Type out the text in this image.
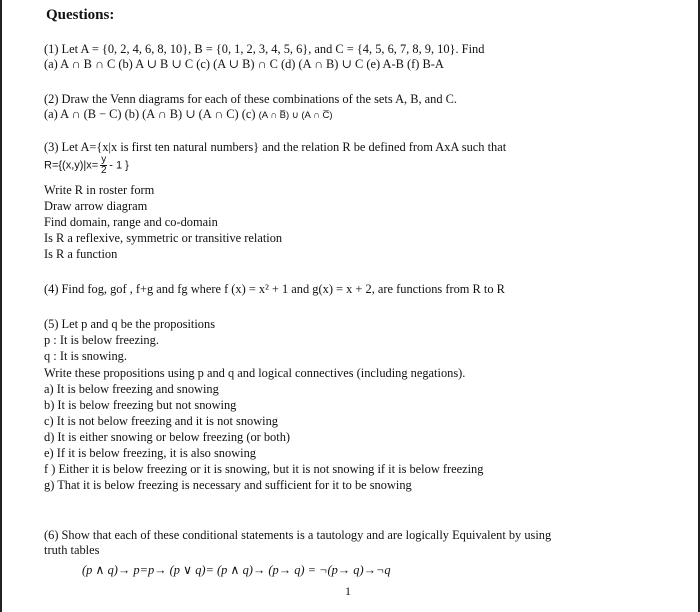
Questions:
(1) Let A = {0, 2, 4, 6, 8, 10}, B = {0, 1, 2, 3, 4, 5, 6}, and C = {4, 5, 6, 7, 8, 9, 10}. Find
(a) A ∩ B ∩ C (b) A ∪ B ∪ C (c) (A ∪ B) ∩ C (d) (A ∩ B) ∪ C (e) A-B (f) B-A
(2) Draw the Venn diagrams for each of these combinations of the sets A, B, and C.
(a) A ∩ (B − C) (b) (A ∩ B) ∪ (A ∩ C) (c) (A ∩ B̅) ∪ (A ∩ C̅)
(3) Let A={x|x is first ten natural numbers} and the relation R be defined from AxA such that
$R=\{(x,y)|x= \frac{y}{2} - 1$ }
Write R in roster form
Draw arrow diagram
Find domain, range and co-domain
Is R a reflexive, symmetric or transitive relation
Is R a function
(4) Find fog, gof , f+g and fg where f (x) = x² + 1 and g(x) = x + 2, are functions from R to R
(5) Let p and q be the propositions
p : It is below freezing.
q : It is snowing.
Write these propositions using p and q and logical connectives (including negations).
a) It is below freezing and snowing
b) It is below freezing but not snowing
c) It is not below freezing and it is not snowing
d) It is either snowing or below freezing (or both)
e) If it is below freezing, it is also snowing
f ) Either it is below freezing or it is snowing, but it is not snowing if it is below freezing
g) That it is below freezing is necessary and sufficient for it to be snowing
(6) Show that each of these conditional statements is a tautology and are logically Equivalent by using
truth tables
(p ∧ q)→ p=p→ (p ∨ q)= (p ∧ q)→ (p→ q) = ¬(p→ q)→¬q
1
